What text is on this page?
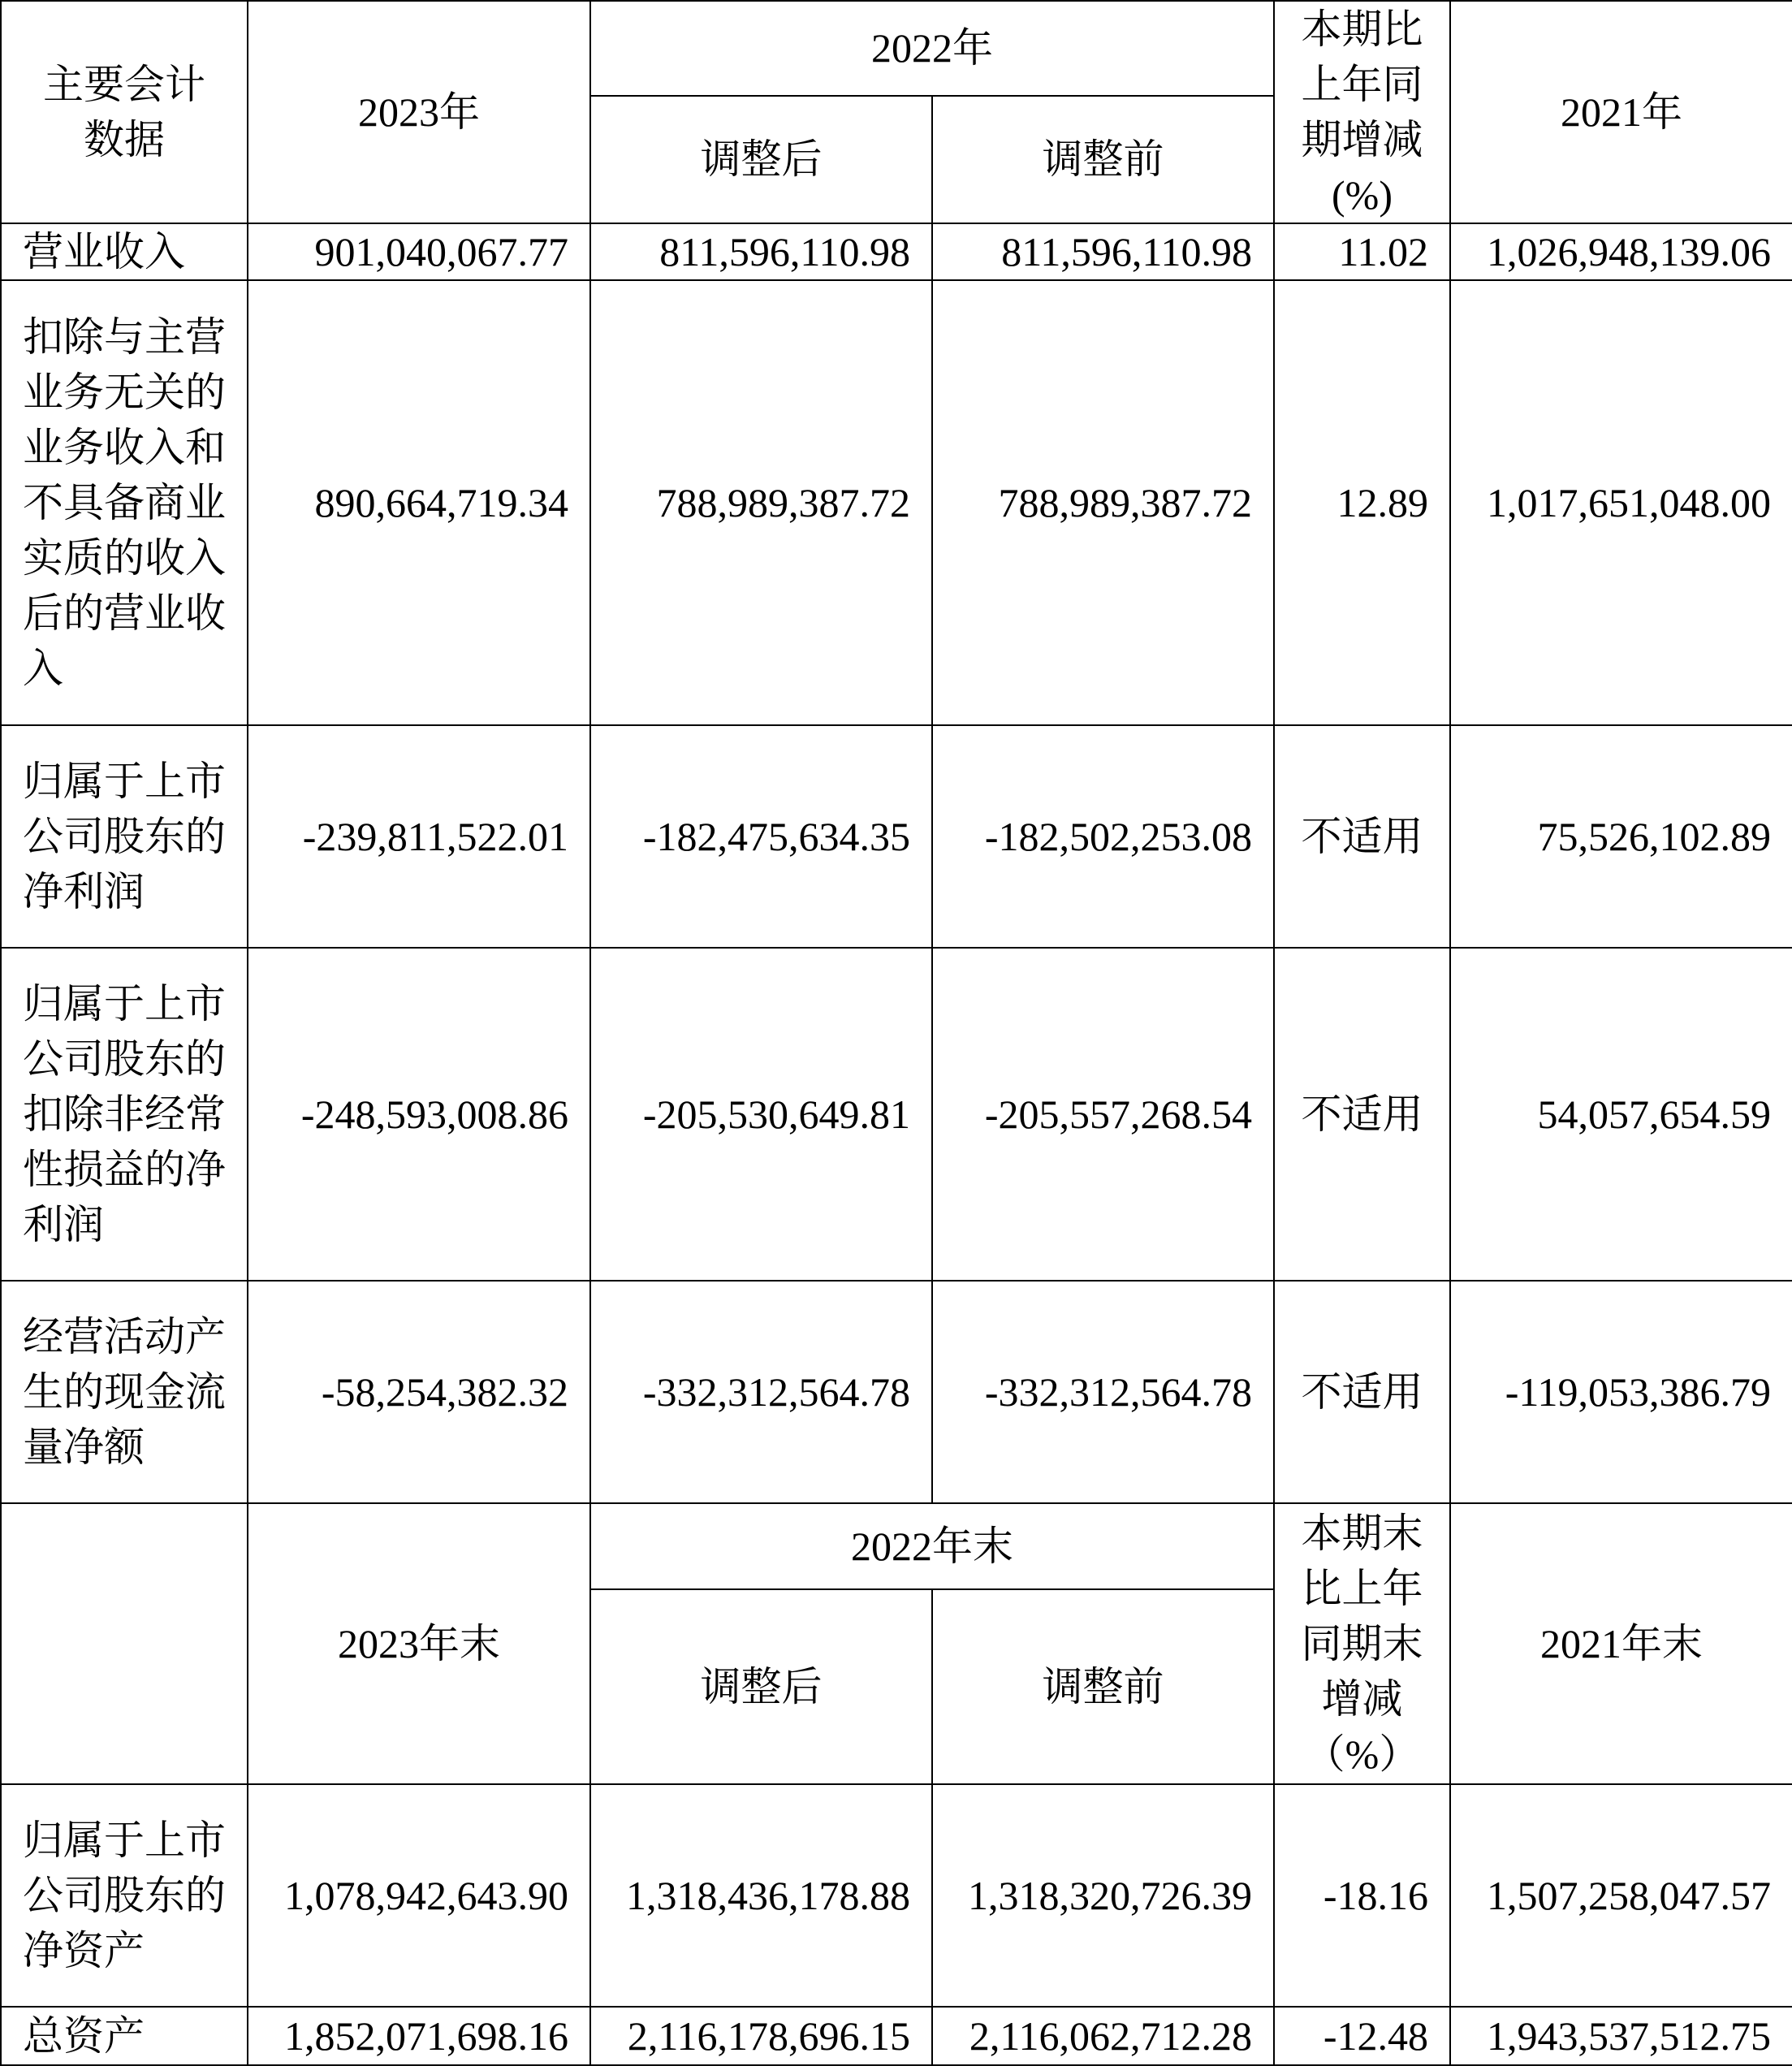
主要会计数据	2023年	2022年		本期比上年同期增减(%)	2021年
		调整后	调整前		
营业收入	901,040,067.77	811,596,110.98	811,596,110.98	11.02	1,026,948,139.06
扣除与主营业务无关的业务收入和不具备商业实质的收入后的营业收入	890,664,719.34	788,989,387.72	788,989,387.72	12.89	1,017,651,048.00
归属于上市公司股东的净利润	-239,811,522.01	-182,475,634.35	-182,502,253.08	不适用	75,526,102.89
归属于上市公司股东的扣除非经常性损益的净利润	-248,593,008.86	-205,530,649.81	-205,557,268.54	不适用	54,057,654.59
经营活动产生的现金流量净额	-58,254,382.32	-332,312,564.78	-332,312,564.78	不适用	-119,053,386.79
	2023年末	2022年末		本期末比上年同期末增减（%）	2021年末
		调整后	调整前		
归属于上市公司股东的净资产	1,078,942,643.90	1,318,436,178.88	1,318,320,726.39	-18.16	1,507,258,047.57
总资产	1,852,071,698.16	2,116,178,696.15	2,116,062,712.28	-12.48	1,943,537,512.75
